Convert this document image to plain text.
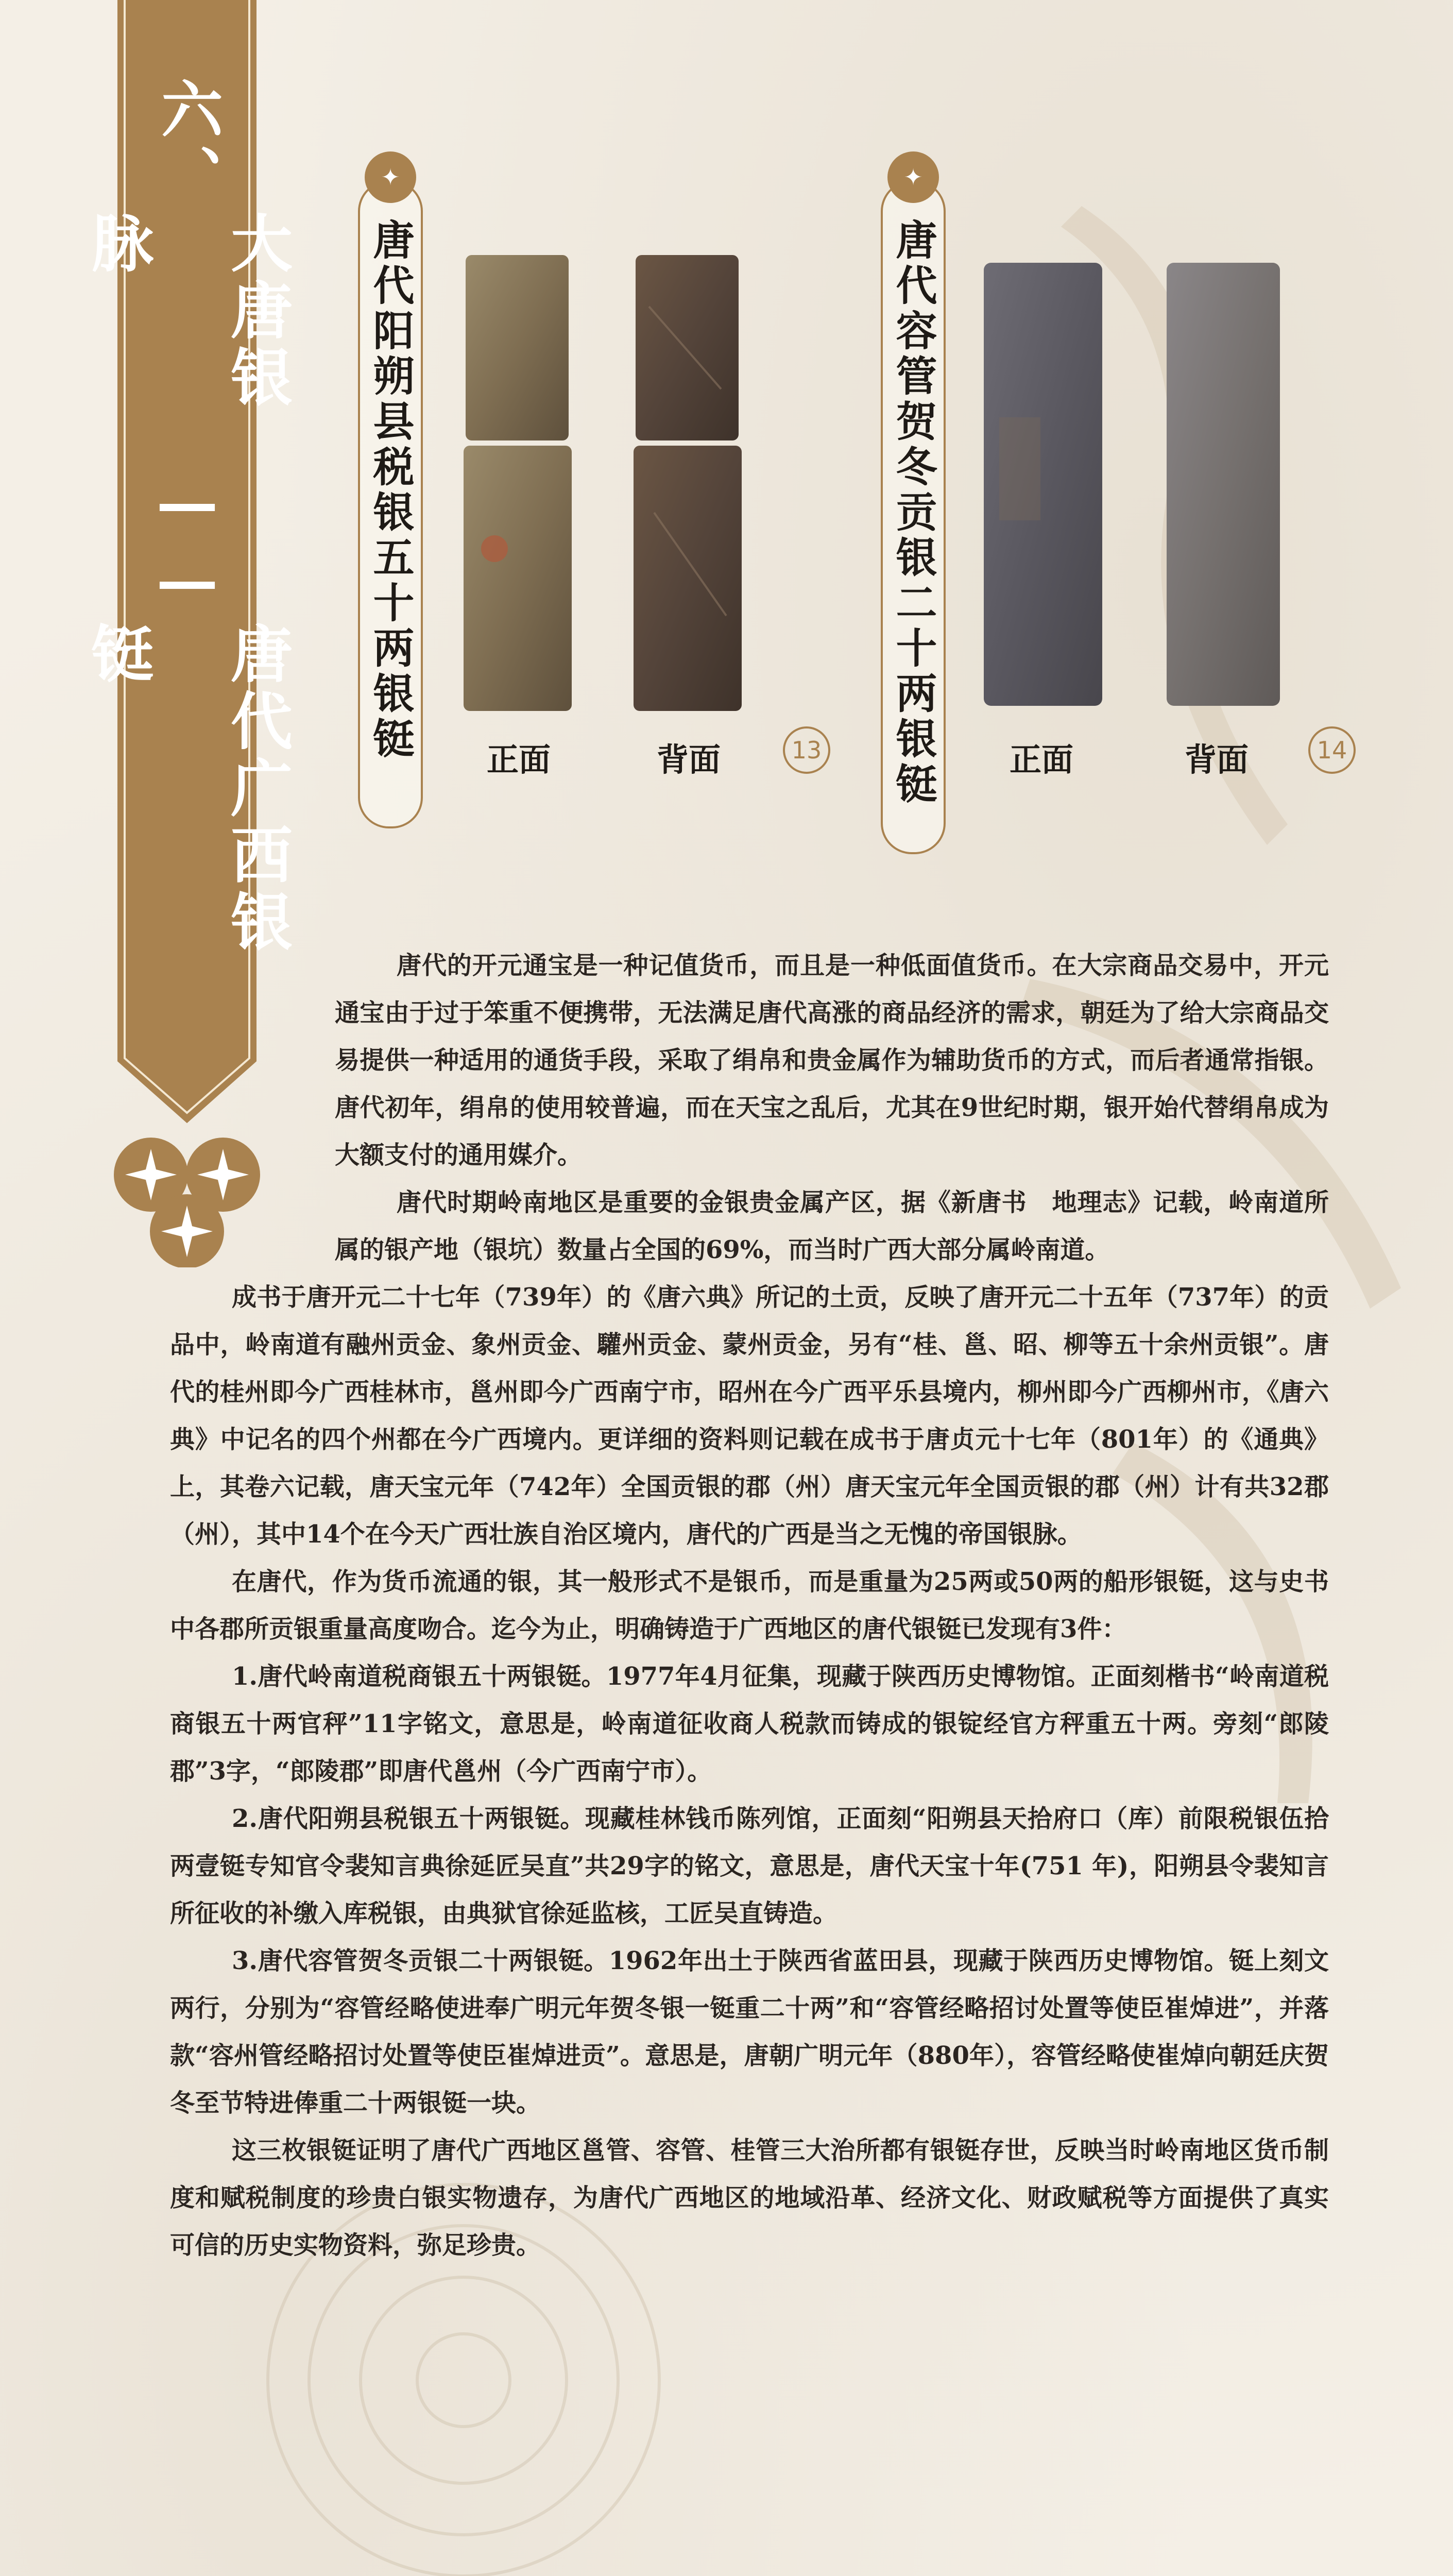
六、
大唐银脉
——
唐代广西银铤
✦
唐代阳朔县税银五十两银铤 正面	背面	13
✦
唐代容管贺冬贡银二十两银铤 正面	背面	14

唐代的开元通宝是一种记值货币，而且是一种低面值货币。在大宗商品交易中，开元通宝由于过于笨重不便携带，无法满足唐代高涨的商品经济的需求，朝廷为了给大宗商品交易提供一种适用的通货手段，采取了绢帛和贵金属作为辅助货币的方式，而后者通常指银。唐代初年，绢帛的使用较普遍，而在天宝之乱后，尤其在9世纪时期，银开始代替绢帛成为大额支付的通用媒介。

唐代时期岭南地区是重要的金银贵金属产区，据《新唐书　地理志》记载，岭南道所属的银产地（银坑）数量占全国的69%，而当时广西大部分属岭南道。

成书于唐开元二十七年（739年）的《唐六典》所记的土贡，反映了唐开元二十五年（737年）的贡品中，岭南道有融州贡金、象州贡金、驩州贡金、蒙州贡金，另有“桂、邕、昭、柳等五十余州贡银”。唐代的桂州即今广西桂林市，邕州即今广西南宁市，昭州在今广西平乐县境内，柳州即今广西柳州市，《唐六典》中记名的四个州都在今广西境内。更详细的资料则记载在成书于唐贞元十七年（801年）的《通典》上，其卷六记载，唐天宝元年（742年）全国贡银的郡（州）唐天宝元年全国贡银的郡（州）计有共32郡（州），其中14个在今天广西壮族自治区境内，唐代的广西是当之无愧的帝国银脉。

在唐代，作为货币流通的银，其一般形式不是银币，而是重量为25两或50两的船形银铤，这与史书中各郡所贡银重量高度吻合。迄今为止，明确铸造于广西地区的唐代银铤已发现有3件：

1.唐代岭南道税商银五十两银铤。1977年4月征集，现藏于陕西历史博物馆。正面刻楷书“岭南道税商银五十两官秤”11字铭文，意思是，岭南道征收商人税款而铸成的银锭经官方秤重五十两。旁刻“郎陵郡”3字，“郎陵郡”即唐代邕州（今广西南宁市）。

2.唐代阳朔县税银五十两银铤。现藏桂林钱币陈列馆，正面刻“阳朔县天拾府口（库）前限税银伍拾两壹铤专知官令裴知言典徐延匠吴直”共29字的铭文，意思是，唐代天宝十年(751 年)，阳朔县令裴知言所征收的补缴入库税银，由典狱官徐延监核，工匠吴直铸造。

3.唐代容管贺冬贡银二十两银铤。1962年出土于陕西省蓝田县，现藏于陕西历史博物馆。铤上刻文两行，分别为“容管经略使进奉广明元年贺冬银一铤重二十两”和“容管经略招讨处置等使臣崔焯进”，并落款“容州管经略招讨处置等使臣崔焯进贡”。意思是，唐朝广明元年（880年），容管经略使崔焯向朝廷庆贺冬至节特进俸重二十两银铤一块。

这三枚银铤证明了唐代广西地区邕管、容管、桂管三大治所都有银铤存世，反映当时岭南地区货币制度和赋税制度的珍贵白银实物遗存，为唐代广西地区的地域沿革、经济文化、财政赋税等方面提供了真实可信的历史实物资料，弥足珍贵。
